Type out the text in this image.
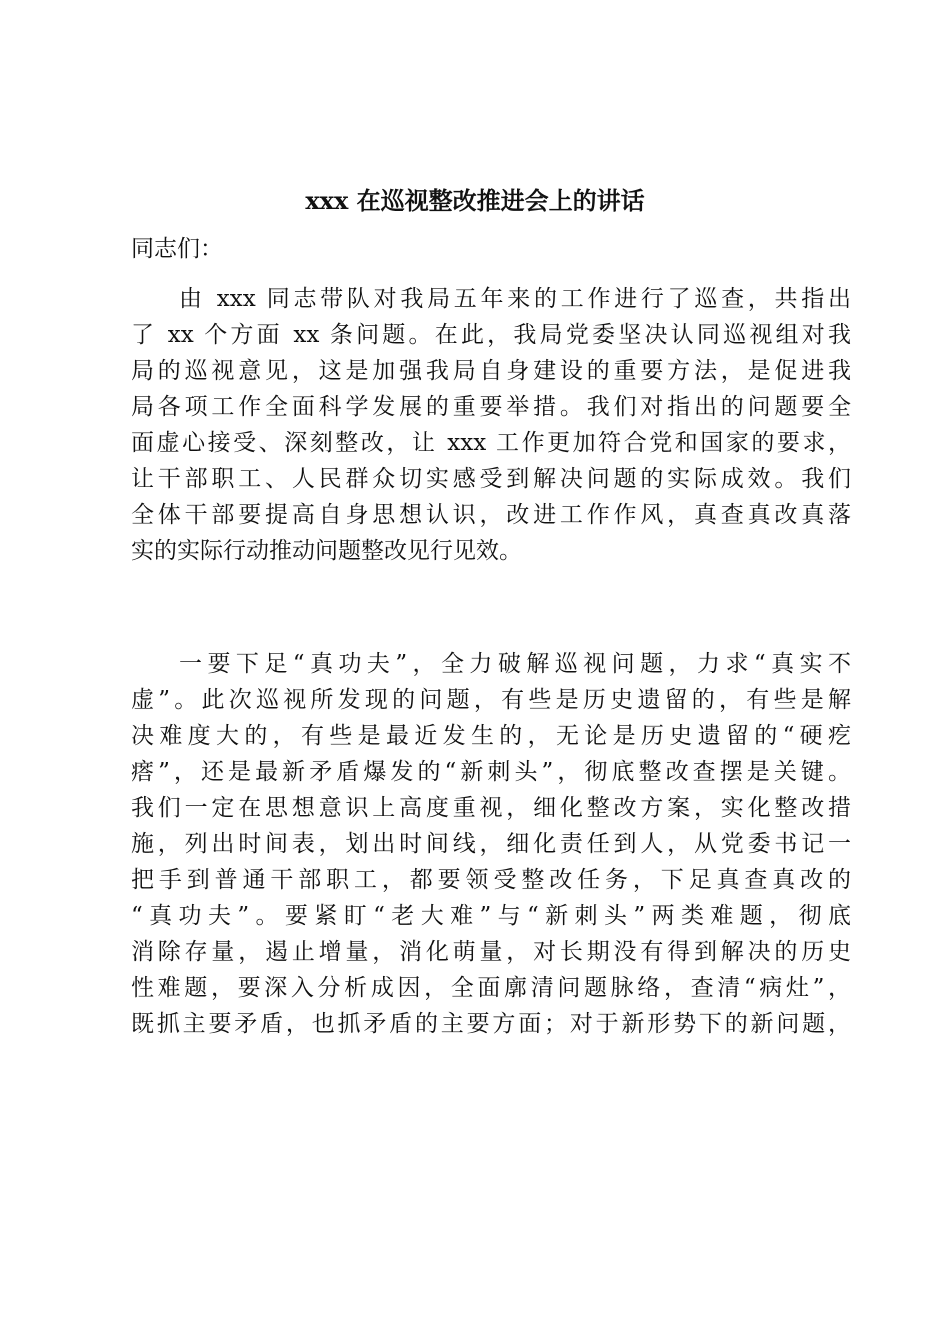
xxx 在巡视整改推进会上的讲话
同志们：
由 xxx 同志带队对我局五年来的工作进行了巡查，共指出
了 xx 个方面 xx 条问题。在此，我局党委坚决认同巡视组对我
局的巡视意见，这是加强我局自身建设的重要方法，是促进我
局各项工作全面科学发展的重要举措。我们对指出的问题要全
面虚心接受、深刻整改，让 xxx 工作更加符合党和国家的要求，
让干部职工、人民群众切实感受到解决问题的实际成效。我们
全体干部要提高自身思想认识，改进工作作风，真查真改真落
实的实际行动推动问题整改见行见效。
一要下足“真功夫”，全力破解巡视问题，力求“真实不
虚”。此次巡视所发现的问题，有些是历史遗留的，有些是解
决难度大的，有些是最近发生的，无论是历史遗留的“硬疙
瘩”，还是最新矛盾爆发的“新刺头”，彻底整改查摆是关键。
我们一定在思想意识上高度重视，细化整改方案，实化整改措
施，列出时间表，划出时间线，细化责任到人，从党委书记一
把手到普通干部职工，都要领受整改任务，下足真查真改的
“真功夫”。要紧盯“老大难”与“新刺头”两类难题，彻底
消除存量，遏止增量，消化萌量，对长期没有得到解决的历史
性难题，要深入分析成因，全面廓清问题脉络，查清“病灶”，
既抓主要矛盾，也抓矛盾的主要方面；对于新形势下的新问题，
